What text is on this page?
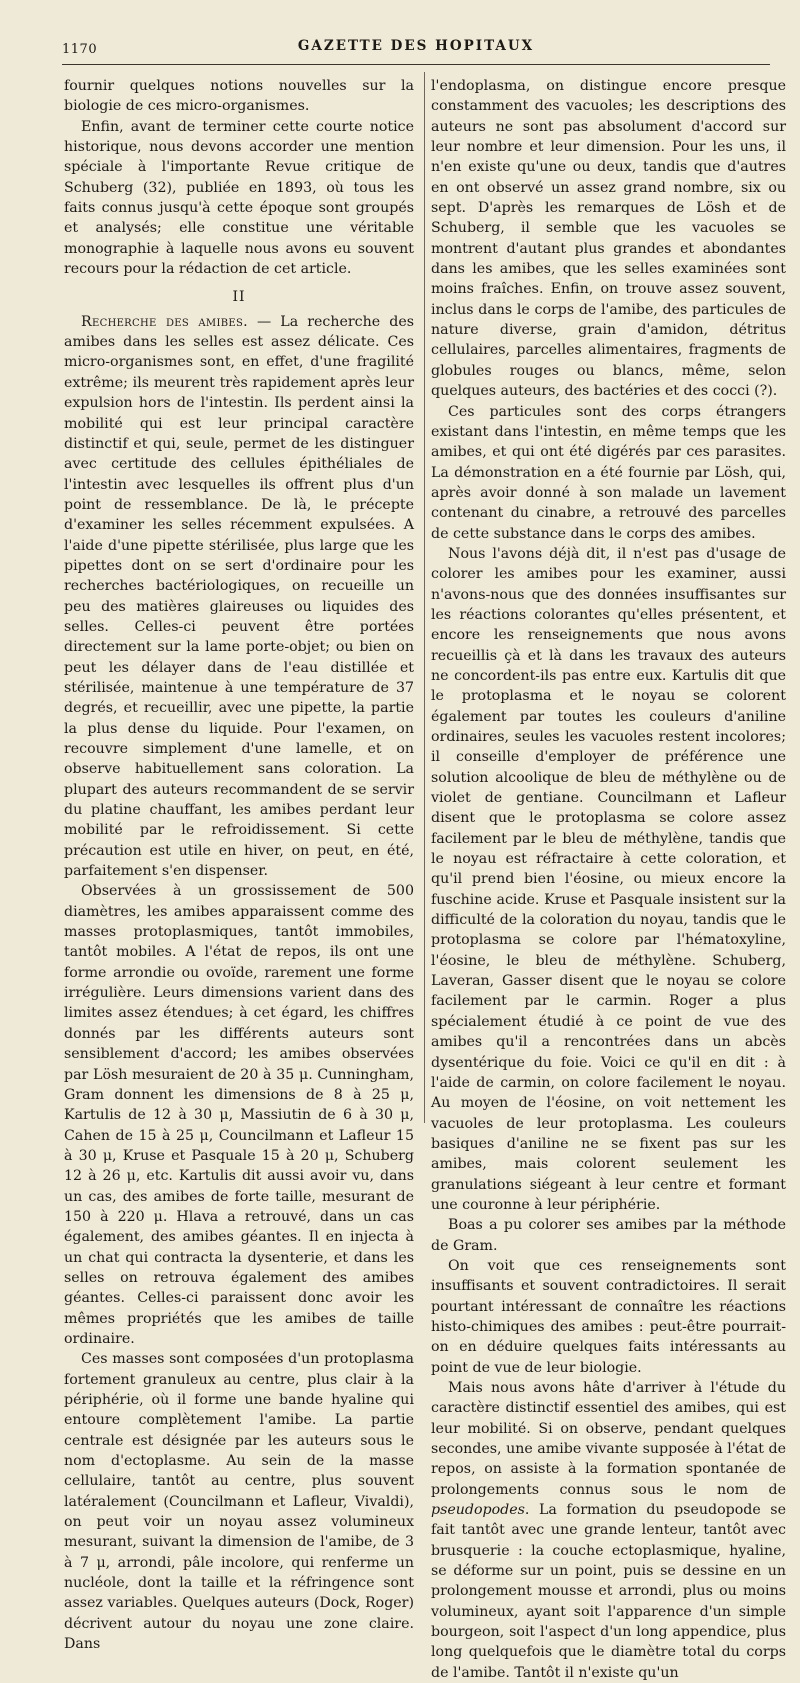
1170	GAZETTE DES HOPITAUX

fournir quelques notions nouvelles sur la biologie de ces micro-organismes.

Enfin, avant de terminer cette courte notice historique, nous devons accorder une mention spéciale à l'importante Revue critique de Schuberg (32), publiée en 1893, où tous les faits connus jusqu'à cette époque sont groupés et analysés; elle constitue une véritable monographie à laquelle nous avons eu souvent recours pour la rédaction de cet article.

II

Recherche des amibes. — La recherche des amibes dans les selles est assez délicate. Ces micro-organismes sont, en effet, d'une fragilité extrême; ils meurent très rapidement après leur expulsion hors de l'intestin. Ils perdent ainsi la mobilité qui est leur principal caractère distinctif et qui, seule, permet de les distinguer avec certitude des cellules épithéliales de l'intestin avec lesquelles ils offrent plus d'un point de ressemblance. De là, le précepte d'examiner les selles récemment expulsées. A l'aide d'une pipette stérilisée, plus large que les pipettes dont on se sert d'ordinaire pour les recherches bactériologiques, on recueille un peu des matières glaireuses ou liquides des selles. Celles-ci peuvent être portées directement sur la lame porte-objet; ou bien on peut les délayer dans de l'eau distillée et stérilisée, maintenue à une température de 37 degrés, et recueillir, avec une pipette, la partie la plus dense du liquide. Pour l'examen, on recouvre simplement d'une lamelle, et on observe habituellement sans coloration. La plupart des auteurs recommandent de se servir du platine chauffant, les amibes perdant leur mobilité par le refroidissement. Si cette précaution est utile en hiver, on peut, en été, parfaitement s'en dispenser.

Observées à un grossissement de 500 diamètres, les amibes apparaissent comme des masses protoplasmiques, tantôt immobiles, tantôt mobiles. A l'état de repos, ils ont une forme arrondie ou ovoïde, rarement une forme irrégulière. Leurs dimensions varient dans des limites assez étendues; à cet égard, les chiffres donnés par les différents auteurs sont sensiblement d'accord; les amibes observées par Lösh mesuraient de 20 à 35 μ. Cunningham, Gram donnent les dimensions de 8 à 25 μ, Kartulis de 12 à 30 μ, Massiutin de 6 à 30 μ, Cahen de 15 à 25 μ, Councilmann et Lafleur 15 à 30 μ, Kruse et Pasquale 15 à 20 μ, Schuberg 12 à 26 μ, etc. Kartulis dit aussi avoir vu, dans un cas, des amibes de forte taille, mesurant de 150 à 220 μ. Hlava a retrouvé, dans un cas également, des amibes géantes. Il en injecta à un chat qui contracta la dysenterie, et dans les selles on retrouva également des amibes géantes. Celles-ci paraissent donc avoir les mêmes propriétés que les amibes de taille ordinaire.

Ces masses sont composées d'un protoplasma fortement granuleux au centre, plus clair à la périphérie, où il forme une bande hyaline qui entoure complètement l'amibe. La partie centrale est désignée par les auteurs sous le nom d'ectoplasme. Au sein de la masse cellulaire, tantôt au centre, plus souvent latéralement (Councilmann et Lafleur, Vivaldi), on peut voir un noyau assez volumineux mesurant, suivant la dimension de l'amibe, de 3 à 7 μ, arrondi, pâle incolore, qui renferme un nucléole, dont la taille et la réfringence sont assez variables. Quelques auteurs (Dock, Roger) décrivent autour du noyau une zone claire. Dans

l'endoplasma, on distingue encore presque constamment des vacuoles; les descriptions des auteurs ne sont pas absolument d'accord sur leur nombre et leur dimension. Pour les uns, il n'en existe qu'une ou deux, tandis que d'autres en ont observé un assez grand nombre, six ou sept. D'après les remarques de Lösh et de Schuberg, il semble que les vacuoles se montrent d'autant plus grandes et abondantes dans les amibes, que les selles examinées sont moins fraîches. Enfin, on trouve assez souvent, inclus dans le corps de l'amibe, des particules de nature diverse, grain d'amidon, détritus cellulaires, parcelles alimentaires, fragments de globules rouges ou blancs, même, selon quelques auteurs, des bactéries et des cocci (?).

Ces particules sont des corps étrangers existant dans l'intestin, en même temps que les amibes, et qui ont été digérés par ces parasites. La démonstration en a été fournie par Lösh, qui, après avoir donné à son malade un lavement contenant du cinabre, a retrouvé des parcelles de cette substance dans le corps des amibes.

Nous l'avons déjà dit, il n'est pas d'usage de colorer les amibes pour les examiner, aussi n'avons-nous que des données insuffisantes sur les réactions colorantes qu'elles présentent, et encore les renseignements que nous avons recueillis çà et là dans les travaux des auteurs ne concordent-ils pas entre eux. Kartulis dit que le protoplasma et le noyau se colorent également par toutes les couleurs d'aniline ordinaires, seules les vacuoles restent incolores; il conseille d'employer de préférence une solution alcoolique de bleu de méthylène ou de violet de gentiane. Councilmann et Lafleur disent que le protoplasma se colore assez facilement par le bleu de méthylène, tandis que le noyau est réfractaire à cette coloration, et qu'il prend bien l'éosine, ou mieux encore la fuschine acide. Kruse et Pasquale insistent sur la difficulté de la coloration du noyau, tandis que le protoplasma se colore par l'hématoxyline, l'éosine, le bleu de méthylène. Schuberg, Laveran, Gasser disent que le noyau se colore facilement par le carmin. Roger a plus spécialement étudié à ce point de vue des amibes qu'il a rencontrées dans un abcès dysentérique du foie. Voici ce qu'il en dit : à l'aide de carmin, on colore facilement le noyau. Au moyen de l'éosine, on voit nettement les vacuoles de leur protoplasma. Les couleurs basiques d'aniline ne se fixent pas sur les amibes, mais colorent seulement les granulations siégeant à leur centre et formant une couronne à leur périphérie.

Boas a pu colorer ses amibes par la méthode de Gram.

On voit que ces renseignements sont insuffisants et souvent contradictoires. Il serait pourtant intéressant de connaître les réactions histo-chimiques des amibes : peut-être pourrait-on en déduire quelques faits intéressants au point de vue de leur biologie.

Mais nous avons hâte d'arriver à l'étude du caractère distinctif essentiel des amibes, qui est leur mobilité. Si on observe, pendant quelques secondes, une amibe vivante supposée à l'état de repos, on assiste à la formation spontanée de prolongements connus sous le nom de pseudopodes. La formation du pseudopode se fait tantôt avec une grande lenteur, tantôt avec brusquerie : la couche ectoplasmique, hyaline, se déforme sur un point, puis se dessine en un prolongement mousse et arrondi, plus ou moins volumineux, ayant soit l'apparence d'un simple bourgeon, soit l'aspect d'un long appendice, plus long quelquefois que le diamètre total du corps de l'amibe. Tantôt il n'existe qu'un
